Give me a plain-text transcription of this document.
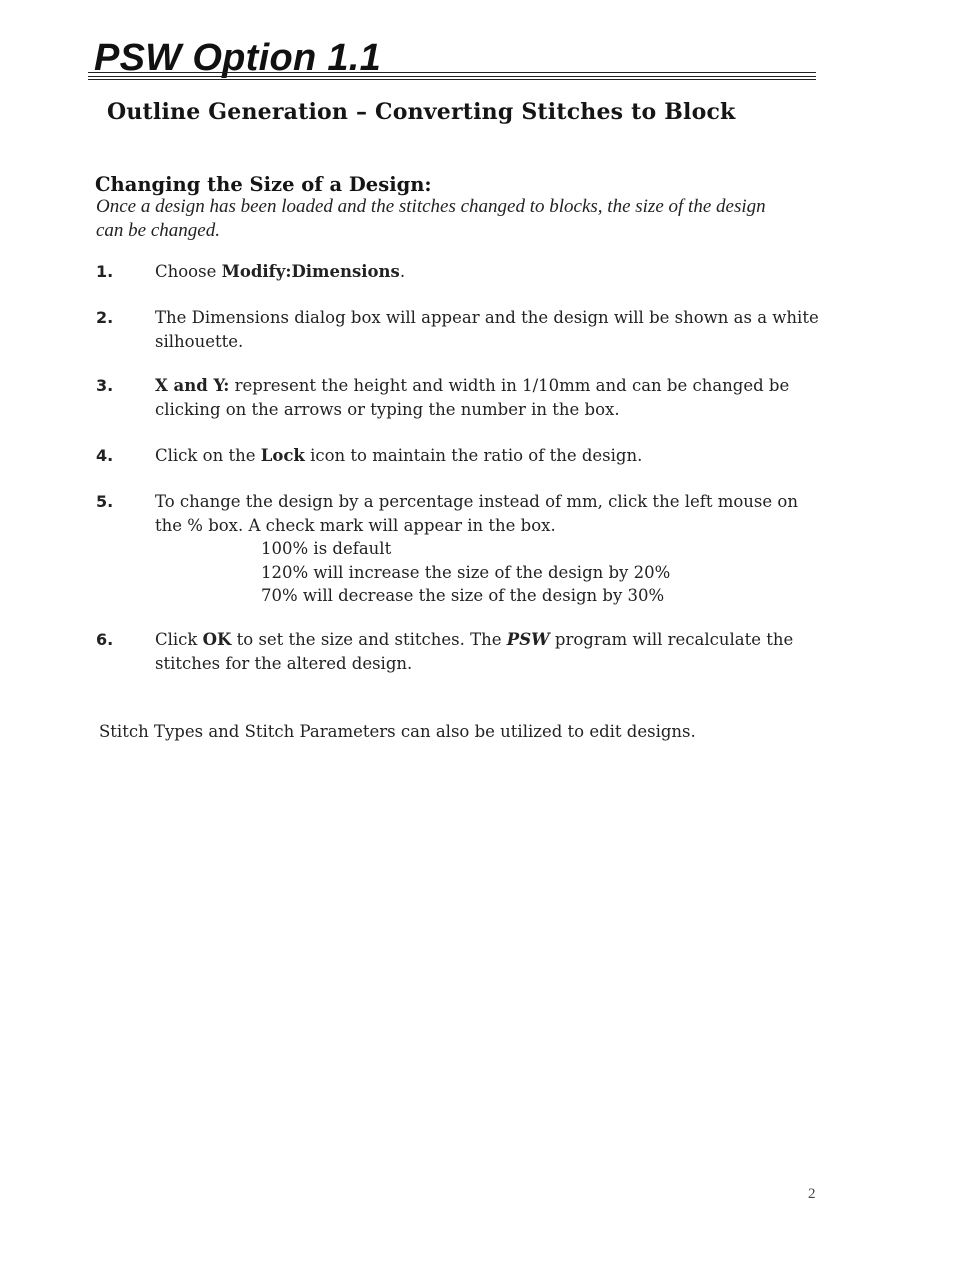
PSW Option 1.1
Outline Generation – Converting Stitches to Block
Changing the Size of a Design:

Once a design has been loaded and the stitches changed to blocks, the size of the design can be changed.

1.	Choose Modify:Dimensions.
2.	The Dimensions dialog box will appear and the design will be shown as a white silhouette.
3.	X and Y: represent the height and width in 1/10mm and can be changed be clicking on the arrows or typing the number in the box.
4.	Click on the Lock icon to maintain the ratio of the design.
5.	To change the design by a percentage instead of mm, click the left mouse on the % box. A check mark will appear in the box.
100% is default
120% will increase the size of the design by 20%
70% will decrease the size of the design by 30%
6.	Click OK to set the size and stitches. The PSW program will recalculate the stitches for the altered design.

Stitch Types and Stitch Parameters can also be utilized to edit designs.

2
